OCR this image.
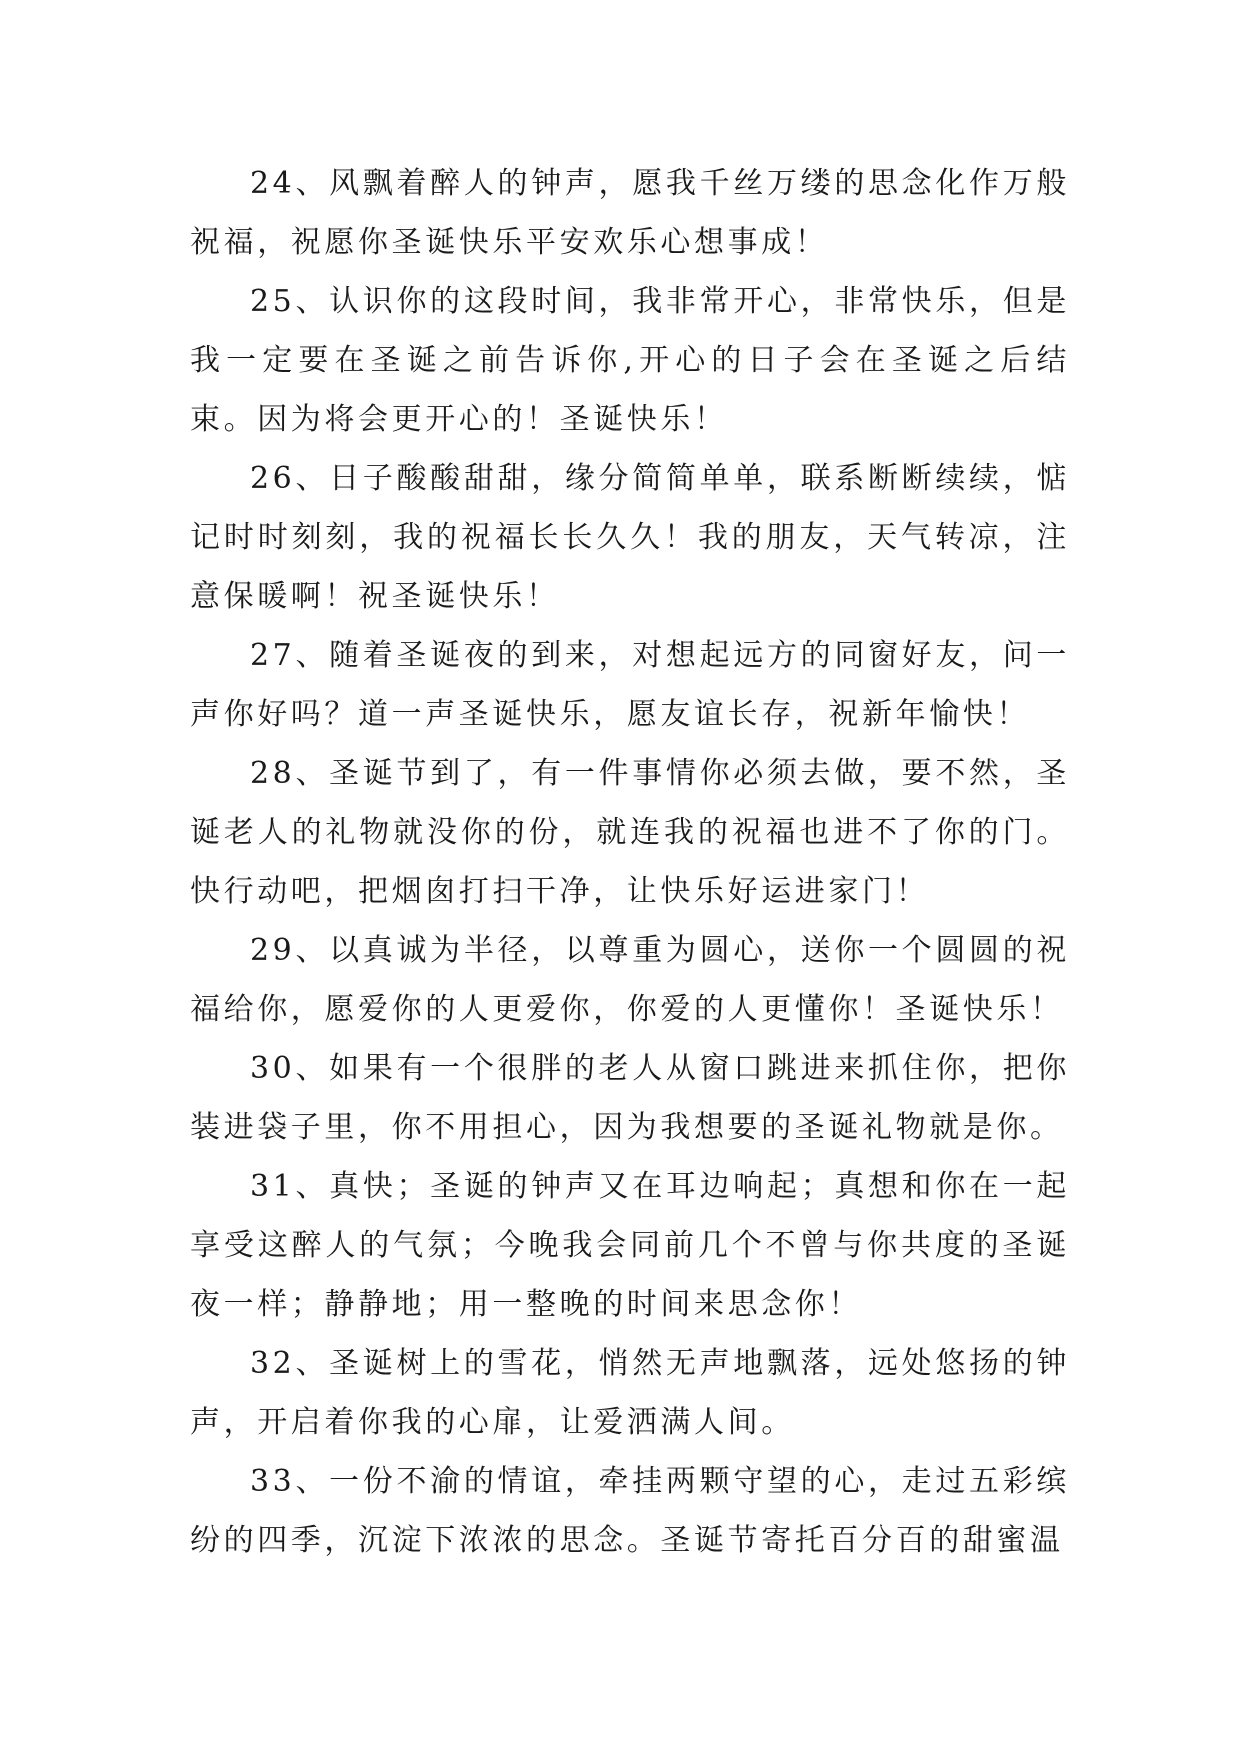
24、风飘着醉人的钟声，愿我千丝万缕的思念化作万般祝福，祝愿你圣诞快乐平安欢乐心想事成！

25、认识你的这段时间，我非常开心，非常快乐，但是我一定要在圣诞之前告诉你,开心的日子会在圣诞之后结束。因为将会更开心的！圣诞快乐！

26、日子酸酸甜甜，缘分简简单单，联系断断续续，惦记时时刻刻，我的祝福长长久久！我的朋友，天气转凉，注意保暖啊！祝圣诞快乐！

27、随着圣诞夜的到来，对想起远方的同窗好友，问一声你好吗？道一声圣诞快乐，愿友谊长存，祝新年愉快！

28、圣诞节到了，有一件事情你必须去做，要不然，圣诞老人的礼物就没你的份，就连我的祝福也进不了你的门。快行动吧，把烟囱打扫干净，让快乐好运进家门！

29、以真诚为半径，以尊重为圆心，送你一个圆圆的祝福给你，愿爱你的人更爱你，你爱的人更懂你！圣诞快乐！

30、如果有一个很胖的老人从窗口跳进来抓住你，把你装进袋子里，你不用担心，因为我想要的圣诞礼物就是你。

31、真快；圣诞的钟声又在耳边响起；真想和你在一起享受这醉人的气氛；今晚我会同前几个不曾与你共度的圣诞夜一样；静静地；用一整晚的时间来思念你！

32、圣诞树上的雪花，悄然无声地飘落，远处悠扬的钟声，开启着你我的心扉，让爱洒满人间。

33、一份不渝的情谊，牵挂两颗守望的心，走过五彩缤纷的四季，沉淀下浓浓的思念。圣诞节寄托百分百的甜蜜温
